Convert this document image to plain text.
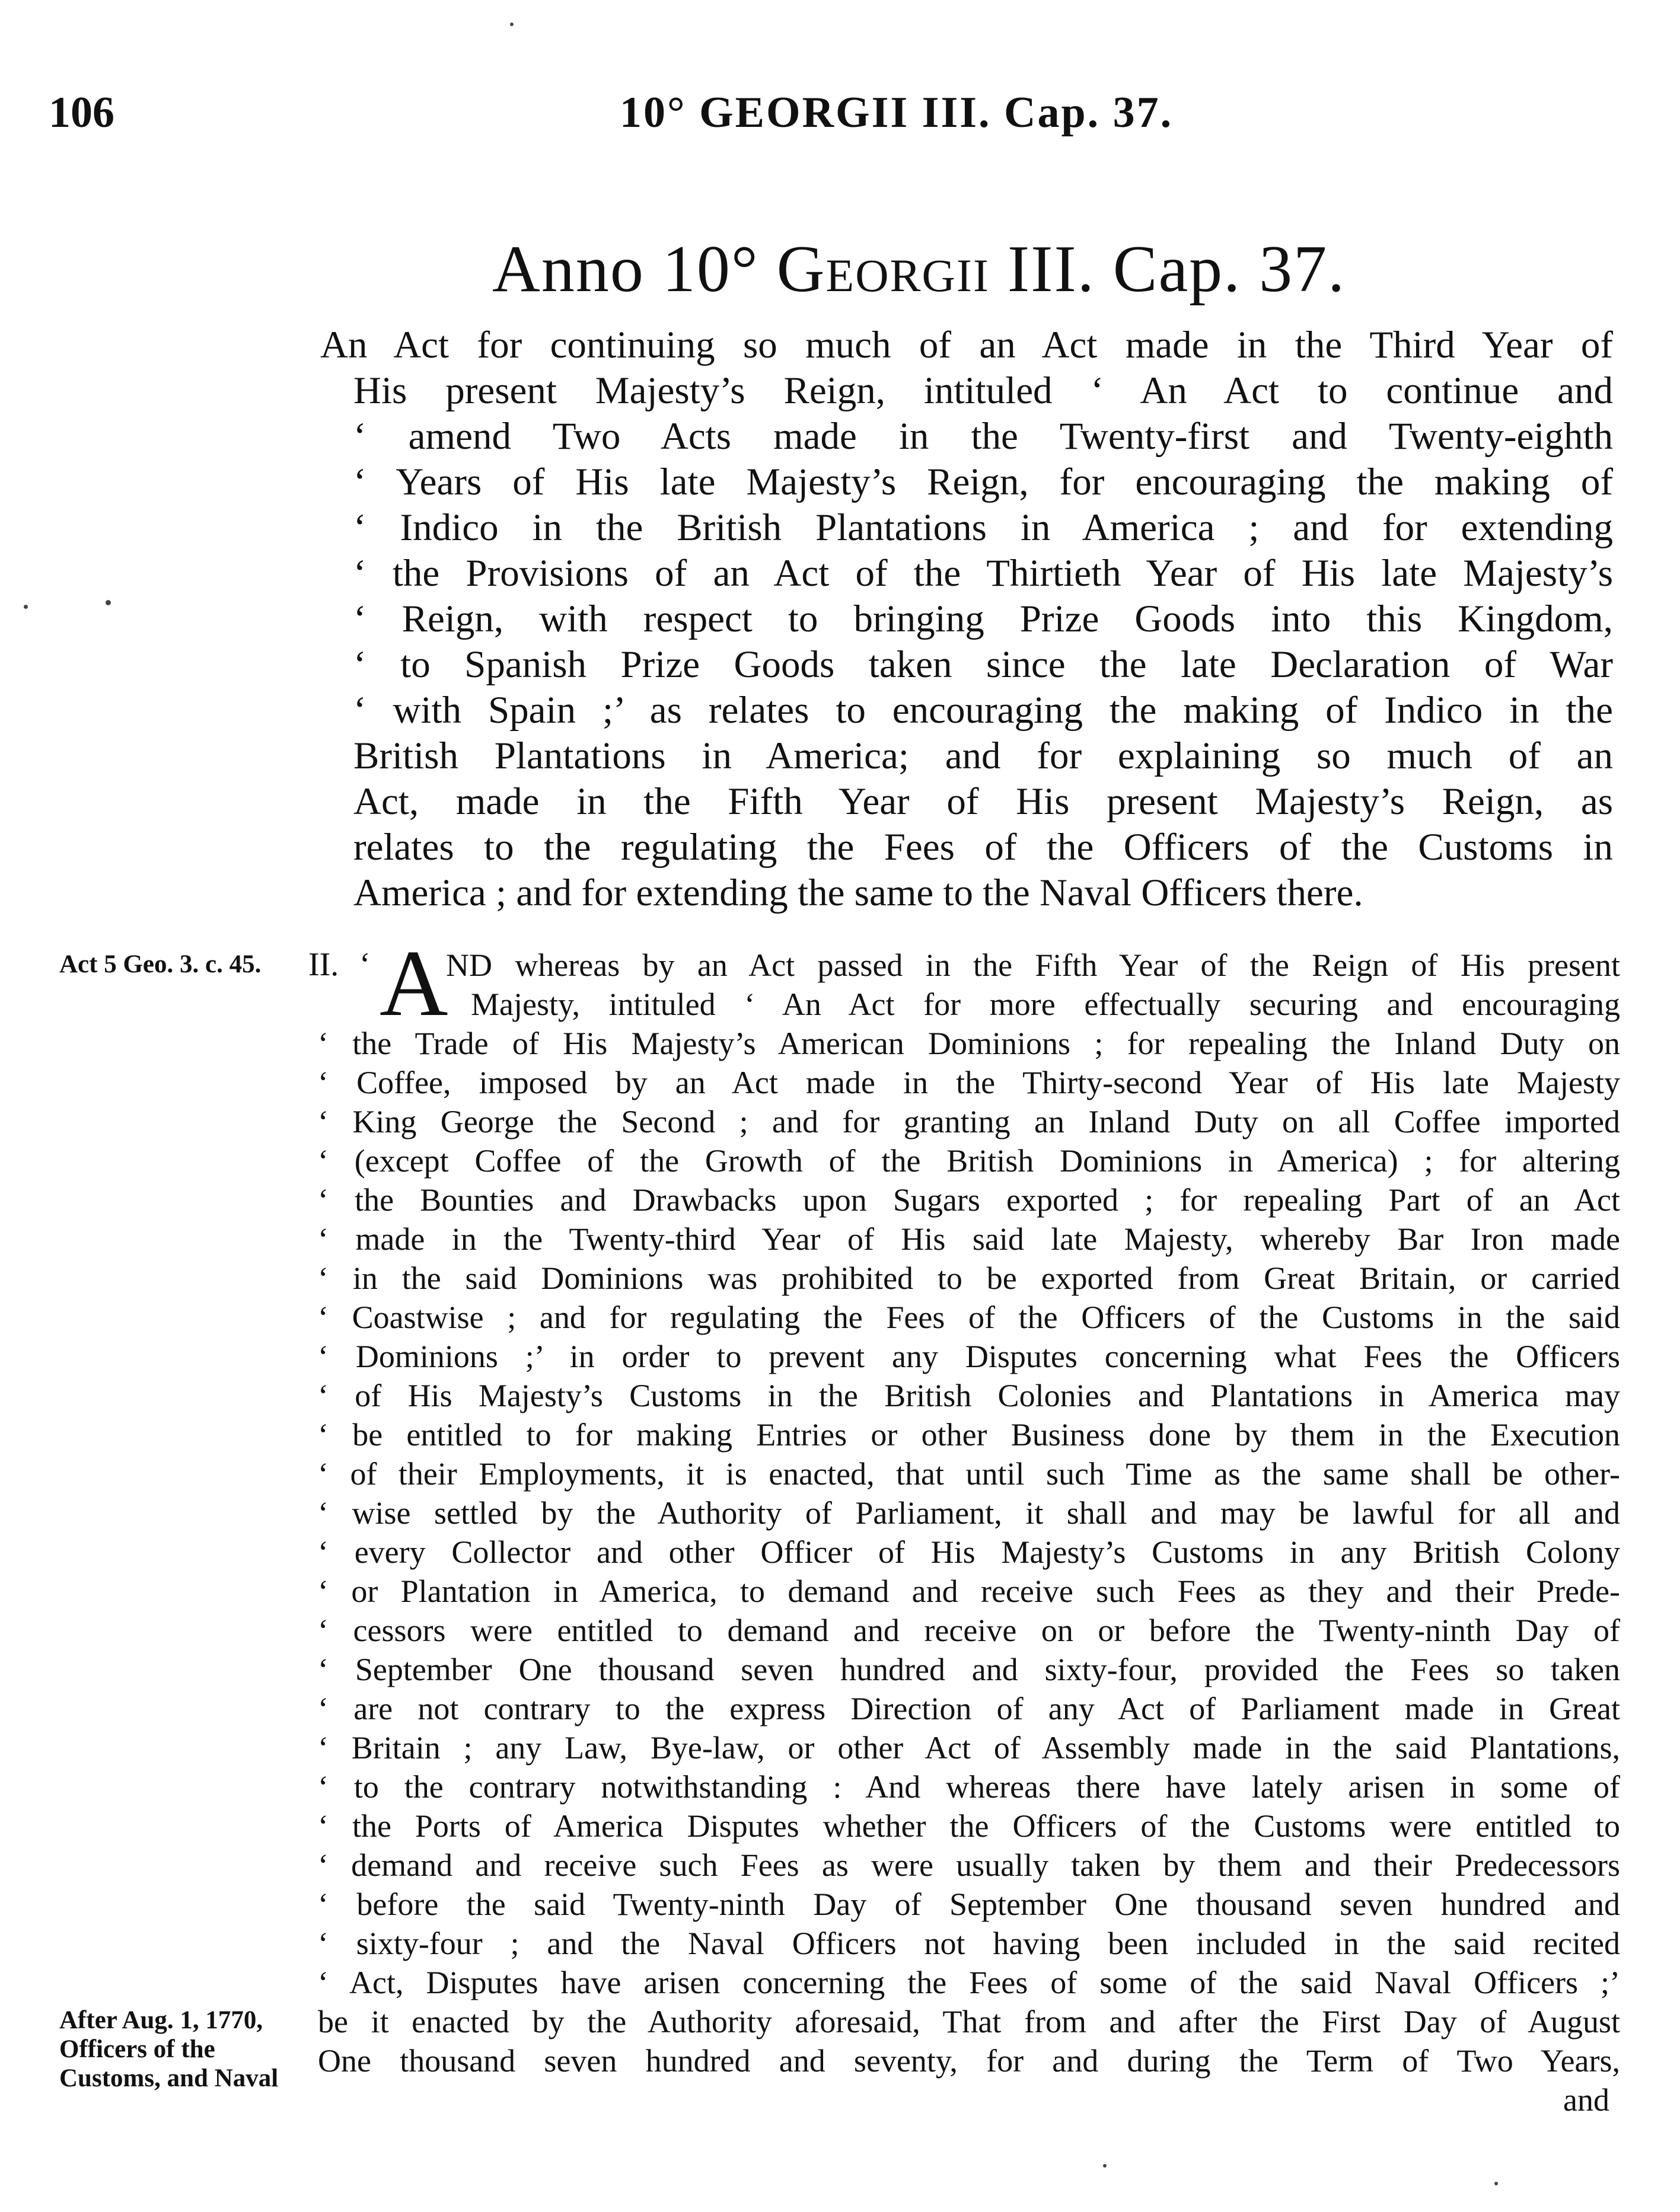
106	10° GEORGII III. Cap. 37.
Anno 10° Georgii III. Cap. 37.
An Act for continuing so much of an Act made in the Third Year of
His present Majesty’s Reign, intituled ‘ An Act to continue and
‘ amend Two Acts made in the Twenty-first and Twenty-eighth
‘ Years of His late Majesty’s Reign, for encouraging the making of
‘ Indico in the British Plantations in America ; and for extending
‘ the Provisions of an Act of the Thirtieth Year of His late Majesty’s
‘ Reign, with respect to bringing Prize Goods into this Kingdom,
‘ to Spanish Prize Goods taken since the late Declaration of War
‘ with Spain ;’ as relates to encouraging the making of Indico in the
British Plantations in America; and for explaining so much of an
Act, made in the Fifth Year of His present Majesty’s Reign, as
relates to the regulating the Fees of the Officers of the Customs in
America ; and for extending the same to the Naval Officers there.
Act 5 Geo. 3. c. 45. II. ‘ A
ND whereas by an Act passed in the Fifth Year of the Reign of His present
Majesty, intituled ‘ An Act for more effectually securing and encouraging
‘ the Trade of His Majesty’s American Dominions ; for repealing the Inland Duty on
‘ Coffee, imposed by an Act made in the Thirty-second Year of His late Majesty
‘ King George the Second ; and for granting an Inland Duty on all Coffee imported
‘ (except Coffee of the Growth of the British Dominions in America) ; for altering
‘ the Bounties and Drawbacks upon Sugars exported ; for repealing Part of an Act
‘ made in the Twenty-third Year of His said late Majesty, whereby Bar Iron made
‘ in the said Dominions was prohibited to be exported from Great Britain, or carried
‘ Coastwise ; and for regulating the Fees of the Officers of the Customs in the said
‘ Dominions ;’ in order to prevent any Disputes concerning what Fees the Officers
‘ of His Majesty’s Customs in the British Colonies and Plantations in America may
‘ be entitled to for making Entries or other Business done by them in the Execution
‘ of their Employments, it is enacted, that until such Time as the same shall be other-
‘ wise settled by the Authority of Parliament, it shall and may be lawful for all and
‘ every Collector and other Officer of His Majesty’s Customs in any British Colony
‘ or Plantation in America, to demand and receive such Fees as they and their Prede-
‘ cessors were entitled to demand and receive on or before the Twenty-ninth Day of
‘ September One thousand seven hundred and sixty-four, provided the Fees so taken
‘ are not contrary to the express Direction of any Act of Parliament made in Great
‘ Britain ; any Law, Bye-law, or other Act of Assembly made in the said Plantations,
‘ to the contrary notwithstanding : And whereas there have lately arisen in some of
‘ the Ports of America Disputes whether the Officers of the Customs were entitled to
‘ demand and receive such Fees as were usually taken by them and their Predecessors
‘ before the said Twenty-ninth Day of September One thousand seven hundred and
‘ sixty-four ; and the Naval Officers not having been included in the said recited
‘ Act, Disputes have arisen concerning the Fees of some of the said Naval Officers ;’
be it enacted by the Authority aforesaid, That from and after the First Day of August
One thousand seven hundred and seventy, for and during the Term of Two Years,
and
After Aug. 1, 1770,
Officers of the
Customs, and Naval
